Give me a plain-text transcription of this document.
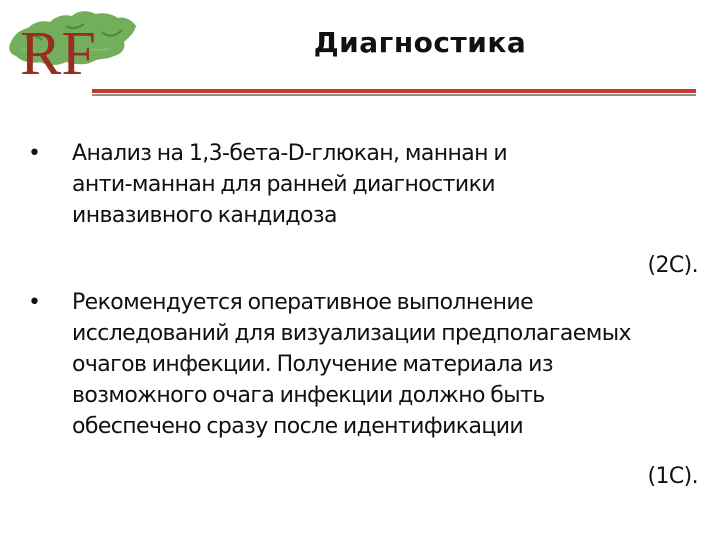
RF	Диагностика
• Анализ на 1,3-бета-D-глюкан, маннан и
анти-маннан для ранней диагностики
инвазивного кандидоза
(2C).
• Рекомендуется оперативное выполнение
исследований для визуализации предполагаемых
очагов инфекции. Получение материала из
возможного очага инфекции должно быть
обеспечено сразу после идентификации
(1C).
